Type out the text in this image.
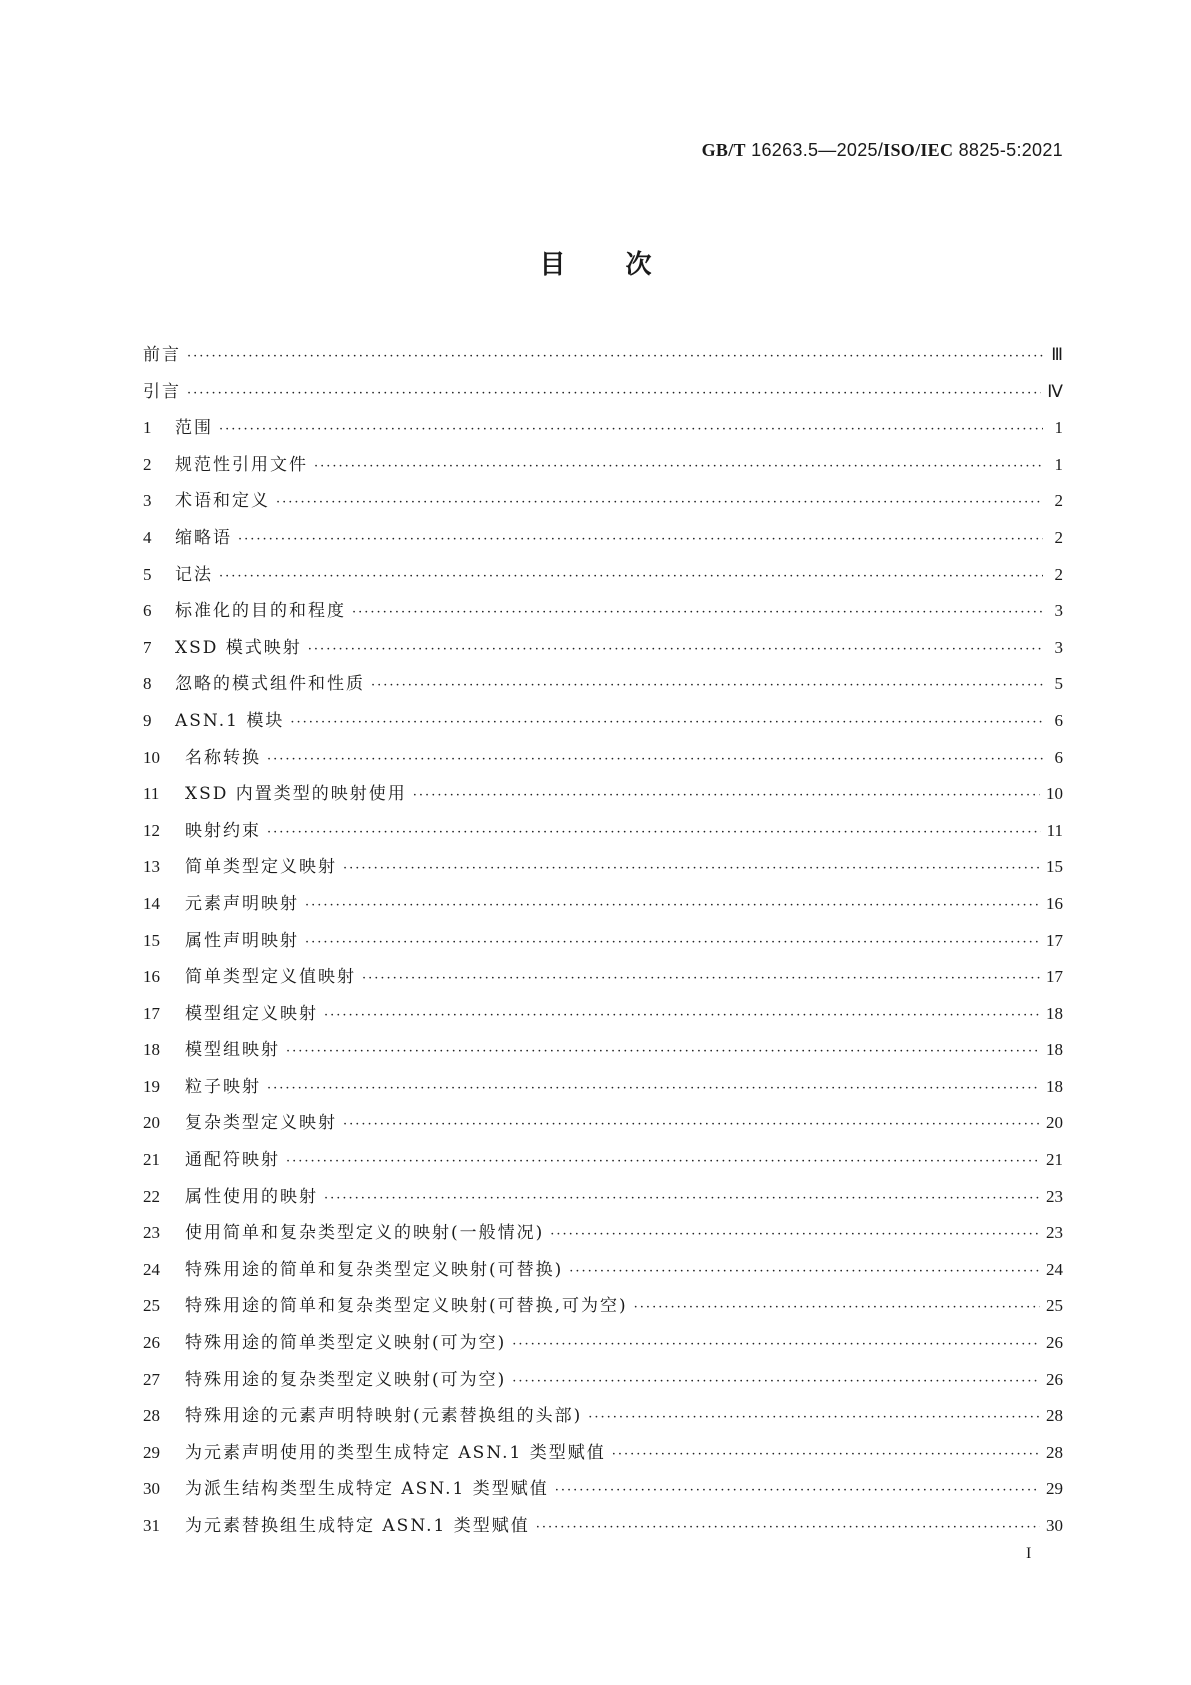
GB/T 16263.5—2025/ISO/IEC 8825-5:2021
目次
前言 ·····	Ⅲ
引言 ·····	Ⅳ
1	范围 ·····	1
2	规范性引用文件 ·····	1
3	术语和定义 ·····	2
4	缩略语 ·····	2
5	记法 ·····	2
6	标准化的目的和程度 ·····	3
7	XSD 模式映射 ·····	3
8	忽略的模式组件和性质 ·····	5
9	ASN.1 模块 ·····	6
10	名称转换 ·····	6
11	XSD 内置类型的映射使用 ·····	10
12	映射约束 ·····	11
13	简单类型定义映射 ·····	15
14	元素声明映射 ·····	16
15	属性声明映射 ·····	17
16	简单类型定义值映射 ·····	17
17	模型组定义映射 ·····	18
18	模型组映射 ·····	18
19	粒子映射 ·····	18
20	复杂类型定义映射 ·····	20
21	通配符映射 ·····	21
22	属性使用的映射 ·····	23
23	使用简单和复杂类型定义的映射(一般情况) ·····	23
24	特殊用途的简单和复杂类型定义映射(可替换) ·····	24
25	特殊用途的简单和复杂类型定义映射(可替换,可为空) ·····	25
26	特殊用途的简单类型定义映射(可为空) ·····	26
27	特殊用途的复杂类型定义映射(可为空) ·····	26
28	特殊用途的元素声明特映射(元素替换组的头部) ·····	28
29	为元素声明使用的类型生成特定 ASN.1 类型赋值 ·····	28
30	为派生结构类型生成特定 ASN.1 类型赋值 ·····	29
31	为元素替换组生成特定 ASN.1 类型赋值 ·····	30
I
